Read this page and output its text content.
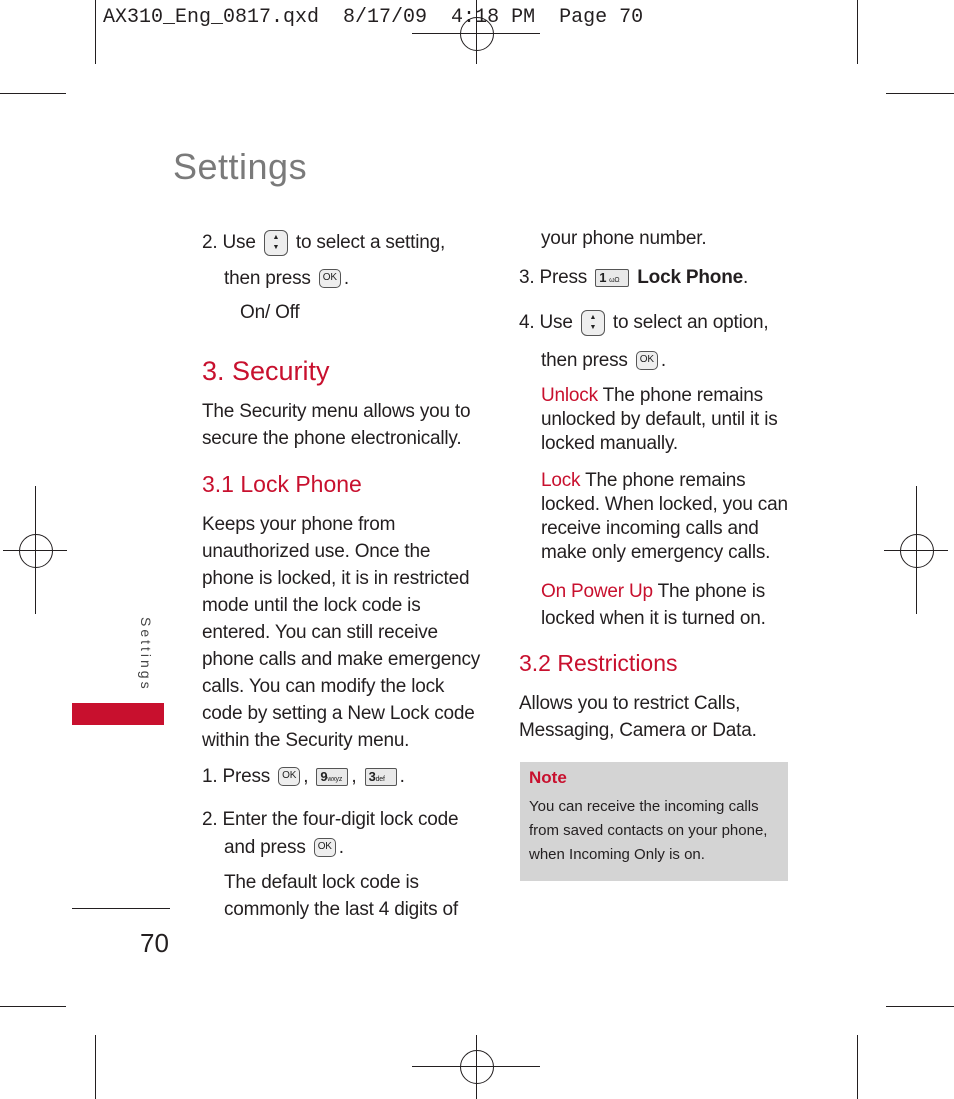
AX310_Eng_0817.qxd  8/17/09  4:18 PM  Page 70
Settings
Settings
70
2. Use	▲
▼ to select a setting,
then press OK .
On/ Off
3. Security
The Security menu allows you to secure the phone electronically.
3.1 Lock Phone
Keeps your phone from unauthorized use. Once the phone is locked, it is in restricted mode until the lock code is entered. You can still receive phone calls and make emergency calls. You can modify the lock code by setting a New Lock code within the Security menu.
1. Press OK , 9wxyz , 3def .
2. Enter the four-digit lock code
and press OK .
The default lock code is commonly the last 4 digits of
your phone number.
3. Press 1 ωΩ Lock Phone.
4. Use	▲
▼ to select an option,
then press OK .
Unlock The phone remains unlocked by default, until it is locked manually.
Lock The phone remains locked. When locked, you can receive incoming calls and make only emergency calls.
On Power Up The phone is locked when it is turned on.
3.2 Restrictions
Allows you to restrict Calls, Messaging, Camera or Data.
Note
You can receive the incoming calls from saved contacts on your phone, when Incoming Only is on.
